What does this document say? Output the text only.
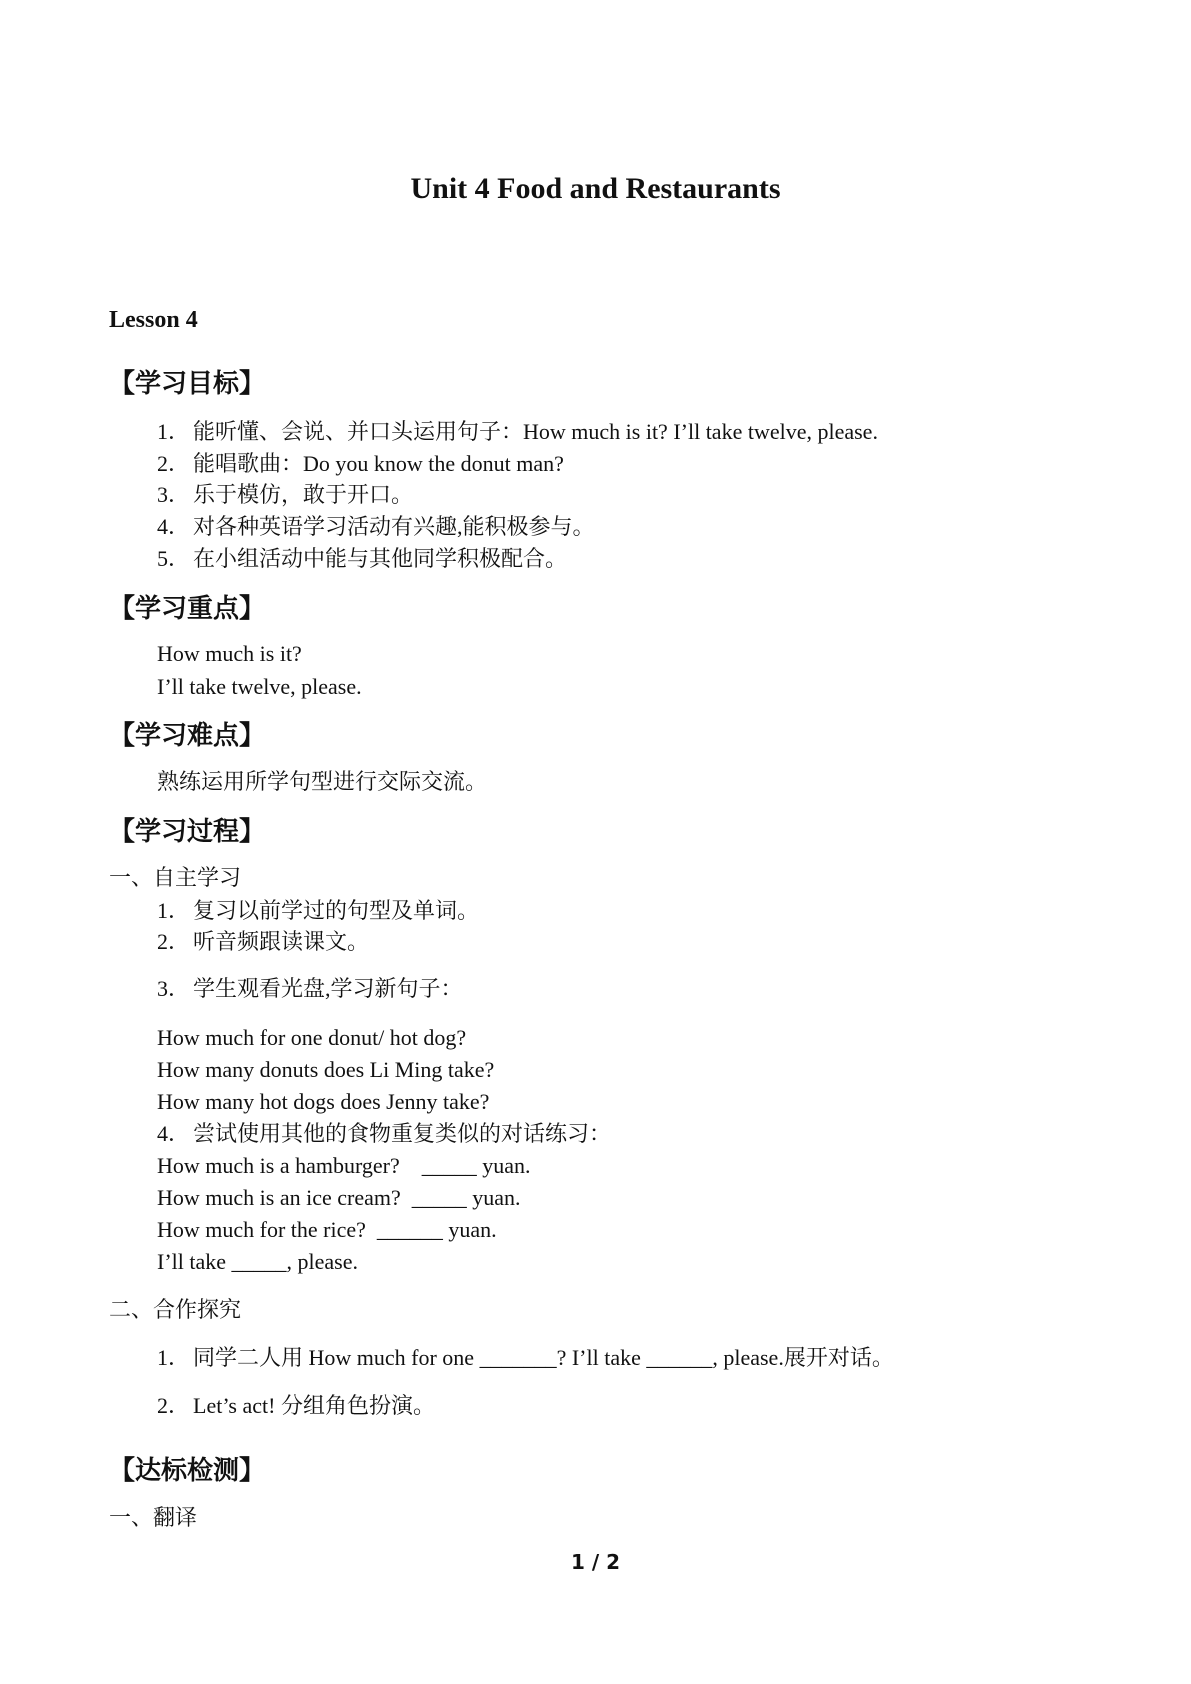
Unit 4 Food and Restaurants
Lesson 4
【学习目标】
1． 能听懂、会说、并口头运用句子：How much is it? I’ll take twelve, please.
2． 能唱歌曲：Do you know the donut man?
3． 乐于模仿，敢于开口。
4． 对各种英语学习活动有兴趣,能积极参与。
5． 在小组活动中能与其他同学积极配合。
【学习重点】
How much is it?
I’ll take twelve, please.
【学习难点】
熟练运用所学句型进行交际交流。
【学习过程】
一、自主学习
1． 复习以前学过的句型及单词。
2． 听音频跟读课文。
3． 学生观看光盘,学习新句子：
How much for one donut/ hot dog?
How many donuts does Li Ming take?
How many hot dogs does Jenny take?
4． 尝试使用其他的食物重复类似的对话练习：
How much is a hamburger?    _____ yuan.
How much is an ice cream?  _____ yuan.
How much for the rice?  ______ yuan.
I’ll take _____, please.
二、合作探究
1． 同学二人用 How much for one _______? I’ll take ______, please.展开对话。
2． Let’s act! 分组角色扮演。
【达标检测】
一、翻译
1 / 2
